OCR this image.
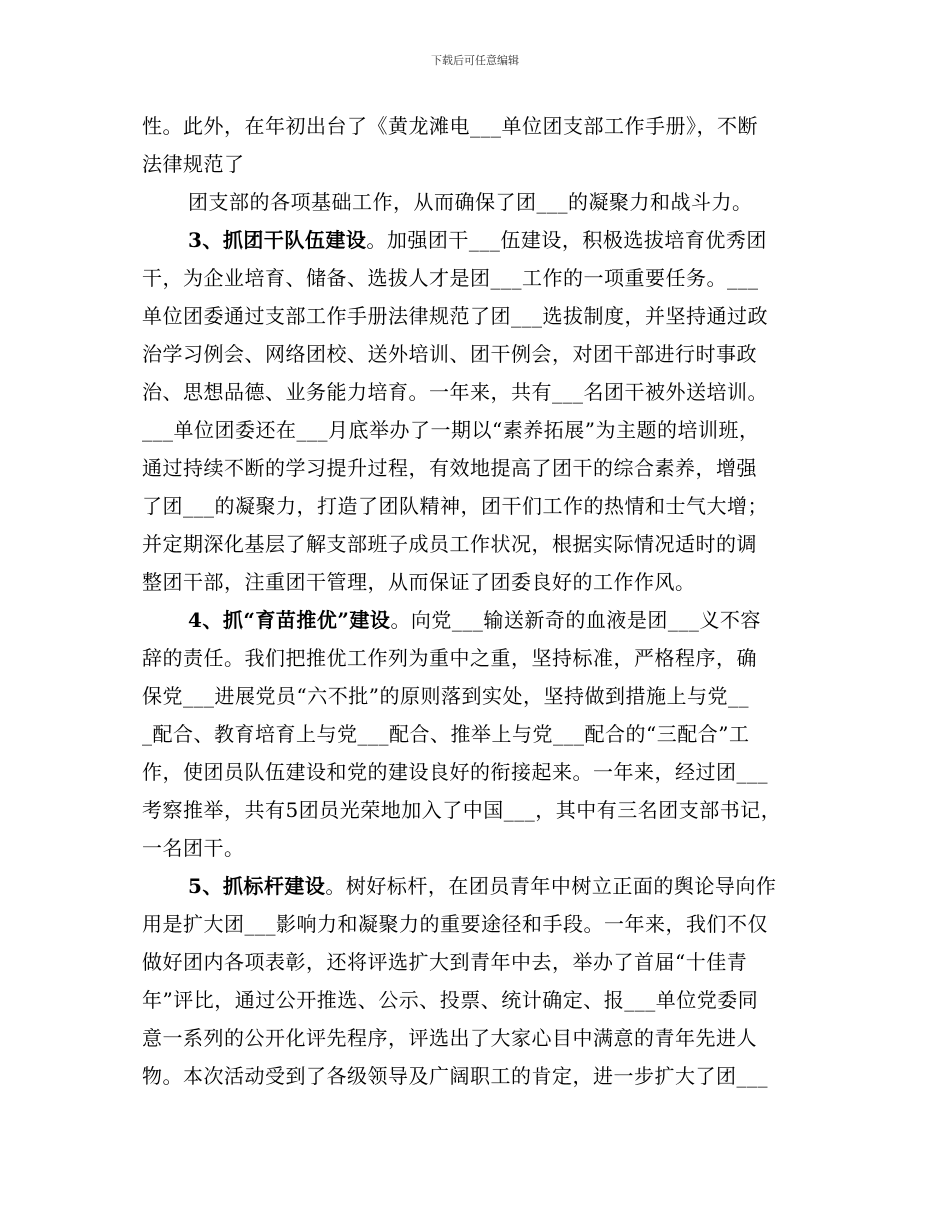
下载后可任意编辑
性。此外，在年初出台了《黄龙滩电___单位团支部工作手册》，不断
法律规范了
团支部的各项基础工作，从而确保了团___的凝聚力和战斗力。
3、抓团干队伍建设。加强团干___伍建设，积极选拔培育优秀团
干，为企业培育、储备、选拔人才是团___工作的一项重要任务。___
单位团委通过支部工作手册法律规范了团___选拔制度，并坚持通过政
治学习例会、网络团校、送外培训、团干例会，对团干部进行时事政
治、思想品德、业务能力培育。一年来，共有___名团干被外送培训。
___单位团委还在___月底举办了一期以“素养拓展”为主题的培训班，
通过持续不断的学习提升过程，有效地提高了团干的综合素养，增强
了团___的凝聚力，打造了团队精神，团干们工作的热情和士气大增；
并定期深化基层了解支部班子成员工作状况，根据实际情况适时的调
整团干部，注重团干管理，从而保证了团委良好的工作作风。
4、抓“育苗推优”建设。向党___输送新奇的血液是团___义不容
辞的责任。我们把推优工作列为重中之重，坚持标准，严格程序，确
保党___进展党员“六不批”的原则落到实处，坚持做到措施上与党__
_配合、教育培育上与党___配合、推举上与党___配合的“三配合”工
作，使团员队伍建设和党的建设良好的衔接起来。一年来，经过团___
考察推举，共有5团员光荣地加入了中国___，其中有三名团支部书记，
一名团干。
5、抓标杆建设。树好标杆，在团员青年中树立正面的舆论导向作
用是扩大团___影响力和凝聚力的重要途径和手段。一年来，我们不仅
做好团内各项表彰，还将评选扩大到青年中去，举办了首届“十佳青
年”评比，通过公开推选、公示、投票、统计确定、报___单位党委同
意一系列的公开化评先程序，评选出了大家心目中满意的青年先进人
物。本次活动受到了各级领导及广阔职工的肯定，进一步扩大了团___
